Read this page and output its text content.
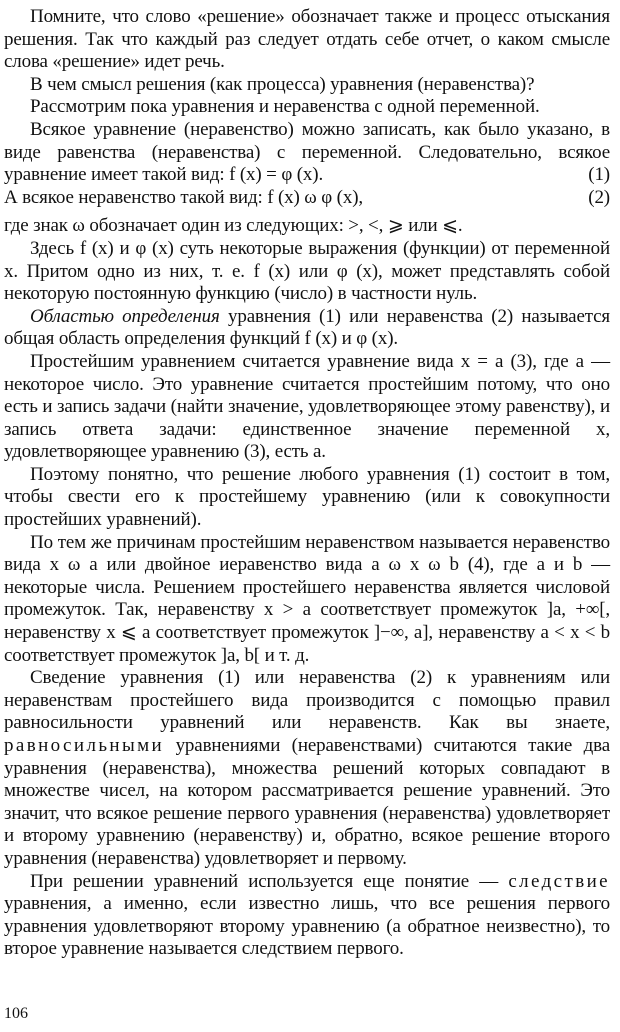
Помните, что слово «решение» обозначает также и процесс отыскания решения. Так что каждый раз следует отдать себе отчет, о каком смысле слова «решение» идет речь.

В чем смысл решения (как процесса) уравнения (неравенства)?

Рассмотрим пока уравнения и неравенства с одной переменной.

Всякое уравнение (неравенство) можно записать, как было указано, в виде равенства (неравенства) с переменной. Следовательно, всякое уравнение имеет такой вид: f (x) = φ (x).	(1)

А всякое неравенство такой вид: f (x) ω φ (x),	(2)

где знак ω обозначает один из следующих: >, <, ⩾ или ⩽.

Здесь f (x) и φ (x) суть некоторые выражения (функции) от переменной x. Притом одно из них, т. е. f (x) или φ (x), может представлять собой некоторую постоянную функцию (число) в частности нуль.

Областью определения уравнения (1) или неравенства (2) называется общая область определения функций f (x) и φ (x).

Простейшим уравнением считается уравнение вида x = a (3), где a — некоторое число. Это уравнение считается простейшим потому, что оно есть и запись задачи (найти значение, удовлетворяющее этому равенству), и запись ответа задачи: единственное значение переменной x, удовлетворяющее уравнению (3), есть a.

Поэтому понятно, что решение любого уравнения (1) состоит в том, чтобы свести его к простейшему уравнению (или к совокупности простейших уравнений).

По тем же причинам простейшим неравенством называется неравенство вида x ω a или двойное иеравенство вида a ω x ω b (4), где a и b — некоторые числа. Решением простейшего неравенства является числовой промежуток. Так, неравенству x > a соответствует промежуток ]a, +∞[, неравенству x ⩽ a соответствует промежуток ]−∞, a], неравенству a < x < b соответствует промежуток ]a, b[ и т. д.

Сведение уравнения (1) или неравенства (2) к уравнениям или неравенствам простейшего вида производится с помощью правил равносильности уравнений или неравенств. Как вы знаете, равносильными уравнениями (неравенствами) считаются такие два уравнения (неравенства), множества решений которых совпадают в множестве чисел, на котором рассматривается решение уравнений. Это значит, что всякое решение первого уравнения (неравенства) удовлетворяет и второму уравнению (неравенству) и, обратно, всякое решение второго уравнения (неравенства) удовлетворяет и первому.

При решении уравнений используется еще понятие — следствие уравнения, а именно, если известно лишь, что все решения первого уравнения удовлетворяют второму уравнению (а обратное неизвестно), то второе уравнение называется следствием первого.

106
